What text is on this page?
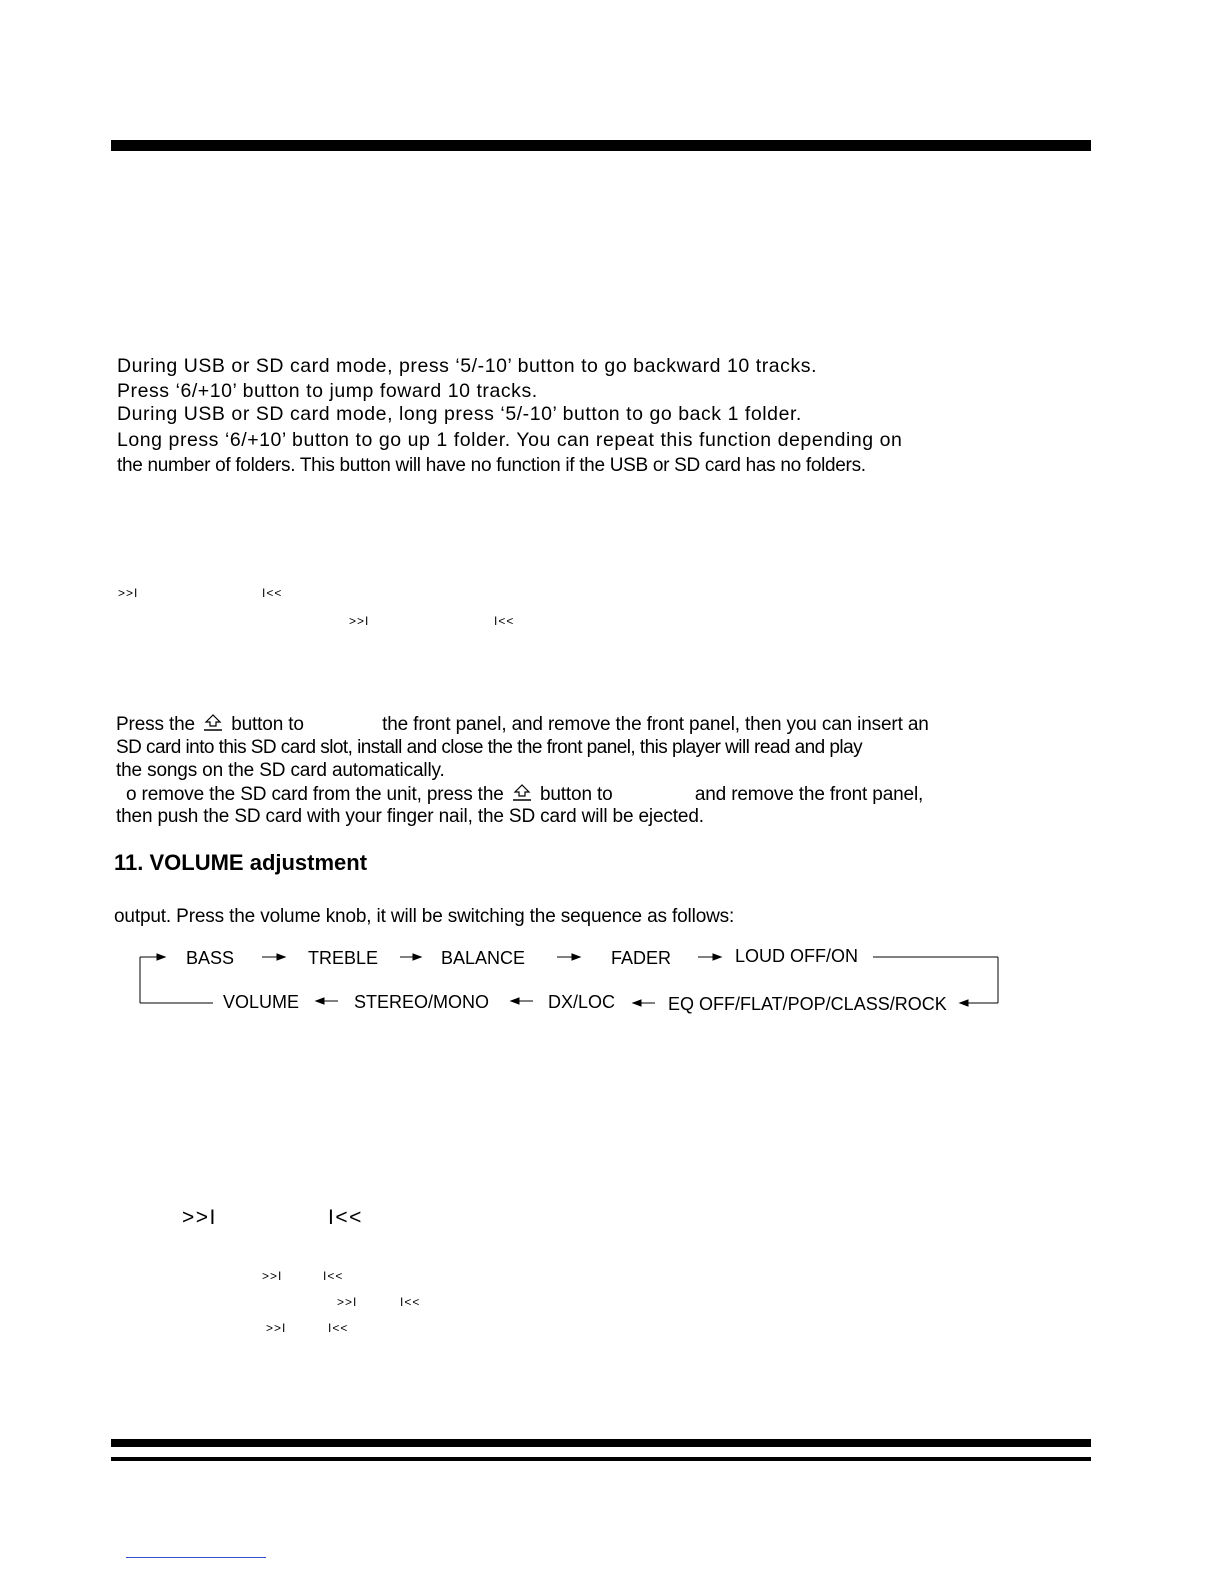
During USB or SD card mode, press ‘5/-10’ button to go backward 10 tracks.
Press ‘6/+10’ button to jump foward 10 tracks.
During USB or SD card mode, long press ‘5/-10’ button to go back 1 folder.
Long press ‘6/+10’ button to go up 1 folder. You can repeat this function depending on
the number of folders. This button will have no function if the USB or SD card has no folders.
>>I	I<<
>>I	I<<
Press the button to	the front panel, and remove the front panel, then you can insert an
SD card into this SD card slot, install and close the the front panel, this player will read and play
the songs on the SD card automatically.
o remove the SD card from the unit, press the button to	and remove the front panel,
then push the SD card with your finger nail, the SD card will be ejected.
11. VOLUME adjustment
output. Press the volume knob, it will be switching the sequence as follows:
BASS	TREBLE	BALANCE	FADER	LOUD OFF/ON
VOLUME	STEREO/MONO	DX/LOC	EQ OFF/FLAT/POP/CLASS/ROCK
>>I	I<<
>>I	I<<
>>I	I<<
>>I	I<<
